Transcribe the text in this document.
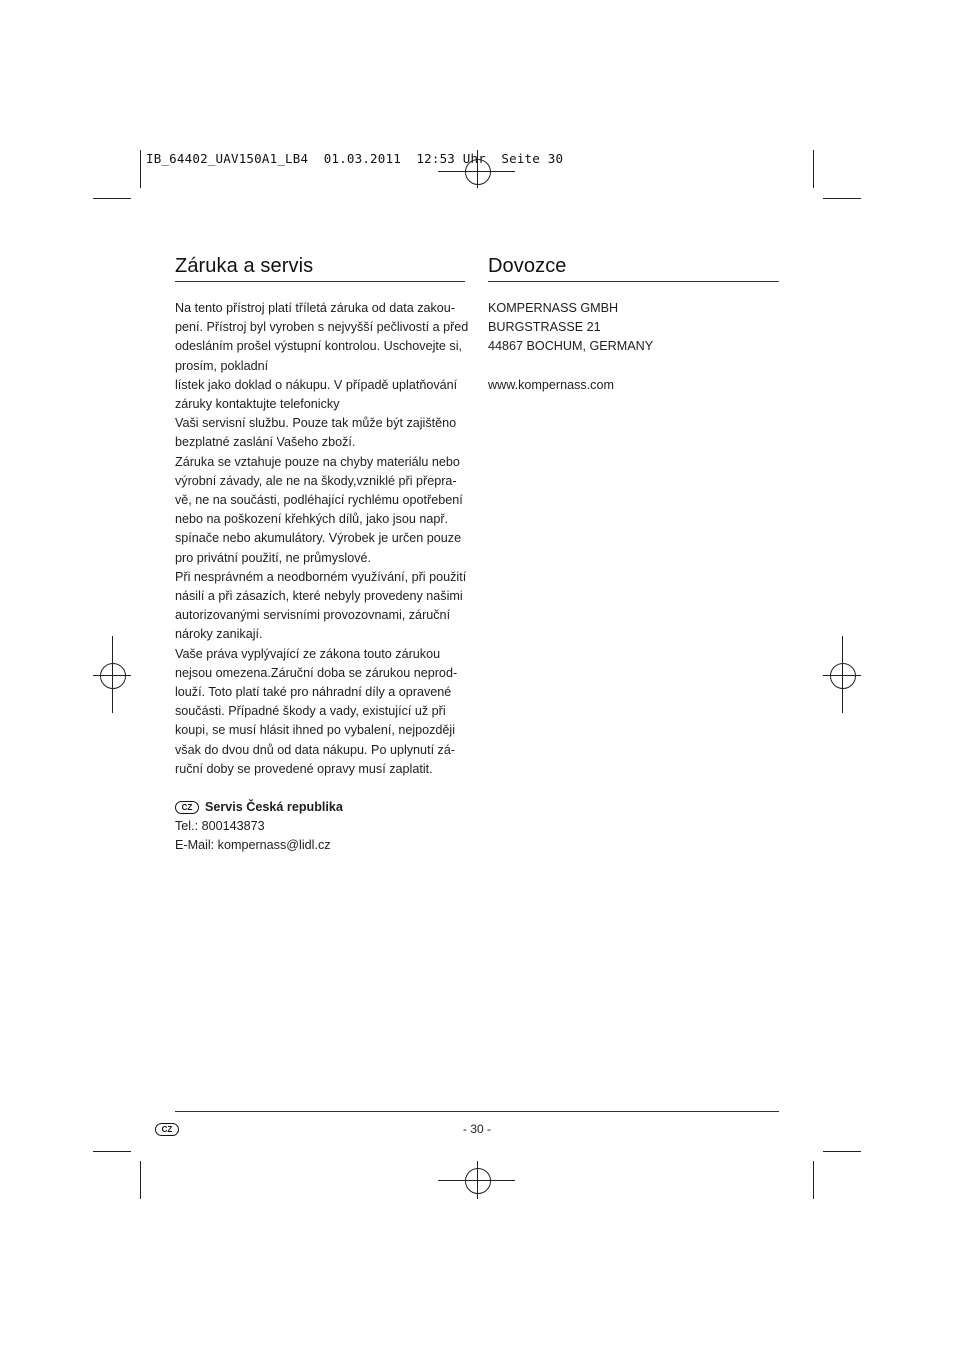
IB_64402_UAV150A1_LB4  01.03.2011  12:53 Uhr  Seite 30
Záruka a servis
Na tento přístroj platí tříletá záruka od data zakou-
pení. Přístroj byl vyroben s nejvyšší pečlivostí a před
odesláním prošel výstupní kontrolou. Uschovejte si,
prosím, pokladní
lístek jako doklad o nákupu. V případě uplatňování
záruky kontaktujte telefonicky
Vaši servisní službu. Pouze tak může být zajištěno
bezplatné zaslání Vašeho zboží.
Záruka se vztahuje pouze na chyby materiálu nebo
výrobní závady, ale ne na škody,vzniklé při přepra-
vě, ne na součásti, podléhající rychlému opotřebení
nebo na poškození křehkých dílů, jako jsou např.
spínače nebo akumulátory. Výrobek je určen pouze
pro privátní použití, ne průmyslové.
Při nesprávném a neodborném využívání, při použití
násilí a při zásazích, které nebyly provedeny našimi
autorizovanými servisními provozovnami, záruční
nároky zanikají.
Vaše práva vyplývající ze zákona touto zárukou
nejsou omezena.Záruční doba se zárukou neprod-
louží. Toto platí také pro náhradní díly a opravené
součásti. Případné škody a vady, existující už při
koupi, se musí hlásit ihned po vybalení, nejpozději
však do dvou dnů od data nákupu. Po uplynutí zá-
ruční doby se provedené opravy musí zaplatit.
CZ Servis Česká republika
Tel.: 800143873
E-Mail: kompernass@lidl.cz
Dovozce
KOMPERNASS GMBH
BURGSTRASSE 21
44867 BOCHUM, GERMANY
www.kompernass.com
CZ	- 30 -
